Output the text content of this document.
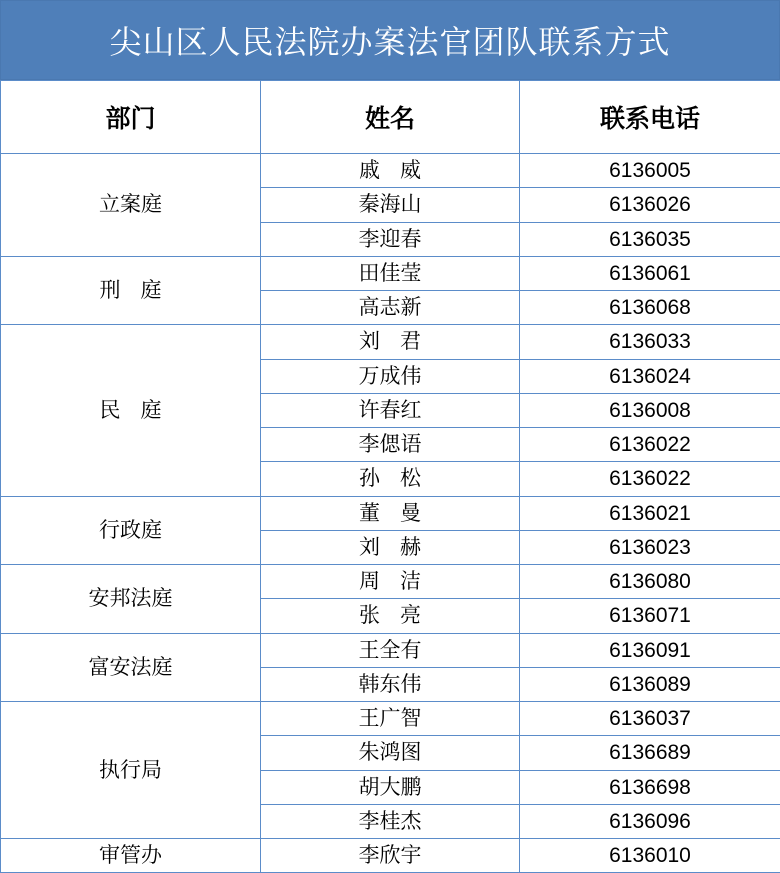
尖山区人民法院办案法官团队联系方式
部门	姓名	联系电话
立案庭	戚   威	6136005
	秦海山	6136026
	李迎春	6136035
刑   庭	田佳莹	6136061
	高志新	6136068
民   庭	刘   君	6136033
	万成伟	6136024
	许春红	6136008
	李偲语	6136022
	孙   松	6136022
行政庭	董   曼	6136021
	刘   赫	6136023
安邦法庭	周   洁	6136080
	张   亮	6136071
富安法庭	王全有	6136091
	韩东伟	6136089
执行局	王广智	6136037
	朱鸿图	6136689
	胡大鹏	6136698
	李桂杰	6136096
审管办	李欣宇	6136010
